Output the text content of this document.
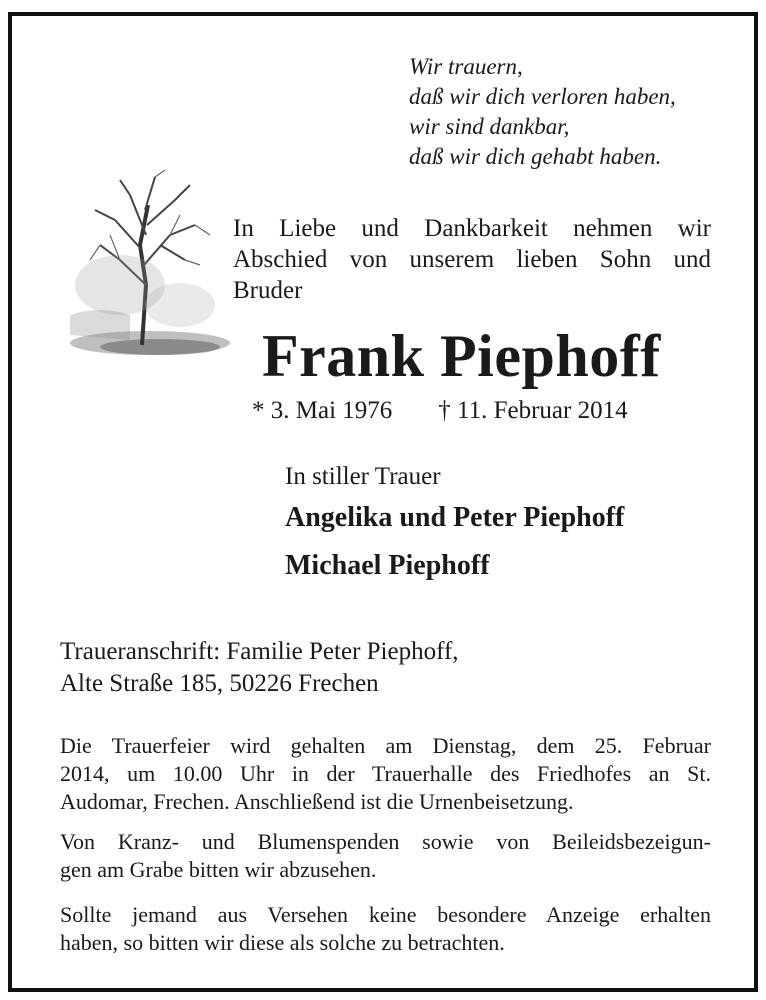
Wir trauern,
daß wir dich verloren haben,
wir sind dankbar,
daß wir dich gehabt haben.
In Liebe und Dankbarkeit nehmen wir
Abschied von unserem lieben Sohn und
Bruder
Frank Piephoff
* 3. Mai 1976 † 11. Februar 2014
In stiller Trauer
Angelika und Peter Piephoff
Michael Piephoff
Traueranschrift: Familie Peter Piephoff,
Alte Straße 185, 50226 Frechen
Die Trauerfeier wird gehalten am Dienstag, dem 25. Februar
2014, um 10.00 Uhr in der Trauerhalle des Friedhofes an St.
Audomar, Frechen. Anschließend ist die Urnenbeisetzung.
Von Kranz- und Blumenspenden sowie von Beileidsbezeigun-
gen am Grabe bitten wir abzusehen.
Sollte jemand aus Versehen keine besondere Anzeige erhalten
haben, so bitten wir diese als solche zu betrachten.
